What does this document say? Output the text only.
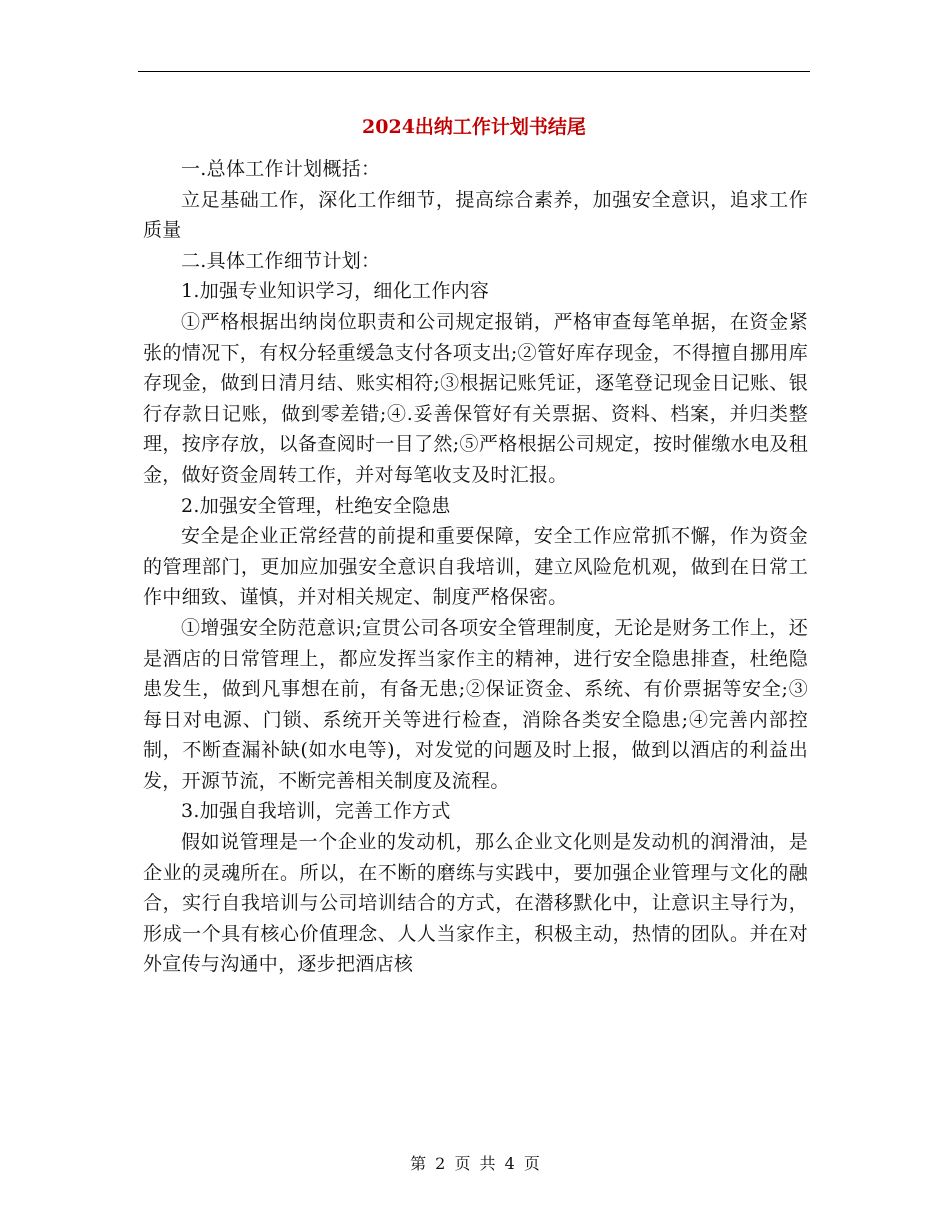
2024出纳工作计划书结尾

一.总体工作计划概括：

立足基础工作，深化工作细节，提高综合素养，加强安全意识，追求工作质量

二.具体工作细节计划：

1.加强专业知识学习，细化工作内容

①严格根据出纳岗位职责和公司规定报销，严格审查每笔单据，在资金紧张的情况下，有权分轻重缓急支付各项支出;②管好库存现金，不得擅自挪用库存现金，做到日清月结、账实相符;③根据记账凭证，逐笔登记现金日记账、银行存款日记账，做到零差错;④.妥善保管好有关票据、资料、档案，并归类整理，按序存放，以备查阅时一目了然;⑤严格根据公司规定，按时催缴水电及租金，做好资金周转工作，并对每笔收支及时汇报。

2.加强安全管理，杜绝安全隐患

安全是企业正常经营的前提和重要保障，安全工作应常抓不懈，作为资金的管理部门，更加应加强安全意识自我培训，建立风险危机观，做到在日常工作中细致、谨慎，并对相关规定、制度严格保密。

①增强安全防范意识;宣贯公司各项安全管理制度，无论是财务工作上，还是酒店的日常管理上，都应发挥当家作主的精神，进行安全隐患排查，杜绝隐患发生，做到凡事想在前，有备无患;②保证资金、系统、有价票据等安全;③每日对电源、门锁、系统开关等进行检查，消除各类安全隐患;④完善内部控制，不断查漏补缺(如水电等)，对发觉的问题及时上报，做到以酒店的利益出发，开源节流，不断完善相关制度及流程。

3.加强自我培训，完善工作方式

假如说管理是一个企业的发动机，那么企业文化则是发动机的润滑油，是企业的灵魂所在。所以，在不断的磨练与实践中，要加强企业管理与文化的融合，实行自我培训与公司培训结合的方式，在潜移默化中，让意识主导行为，形成一个具有核心价值理念、人人当家作主，积极主动，热情的团队。并在对外宣传与沟通中，逐步把酒店核

第 2 页 共 4 页
